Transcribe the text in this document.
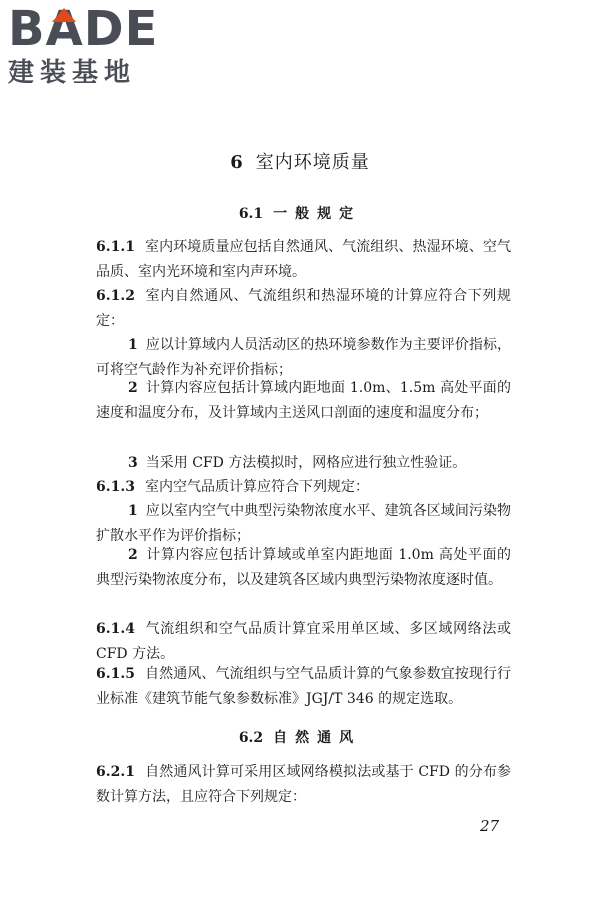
BA
DE
建装基地
6 室内环境质量
6.1 一般规定
6.1.1 室内环境质量应包括自然通风、气流组织、热湿环境、空气品质、室内光环境和室内声环境。
6.1.2 室内自然通风、气流组织和热湿环境的计算应符合下列规定：
1 应以计算域内人员活动区的热环境参数作为主要评价指标，可将空气龄作为补充评价指标；
2 计算内容应包括计算域内距地面 1.0m、1.5m 高处平面的速度和温度分布，及计算域内主送风口剖面的速度和温度分布；
3 当采用 CFD 方法模拟时，网格应进行独立性验证。
6.1.3 室内空气品质计算应符合下列规定：
1 应以室内空气中典型污染物浓度水平、建筑各区域间污染物扩散水平作为评价指标；
2 计算内容应包括计算域或单室内距地面 1.0m 高处平面的典型污染物浓度分布，以及建筑各区域内典型污染物浓度逐时值。
6.1.4 气流组织和空气品质计算宜采用单区域、多区域网络法或 CFD 方法。
6.1.5 自然通风、气流组织与空气品质计算的气象参数宜按现行行业标准《建筑节能气象参数标准》JGJ/T 346 的规定选取。
6.2 自然通风
6.2.1 自然通风计算可采用区域网络模拟法或基于 CFD 的分布参数计算方法，且应符合下列规定：
27
